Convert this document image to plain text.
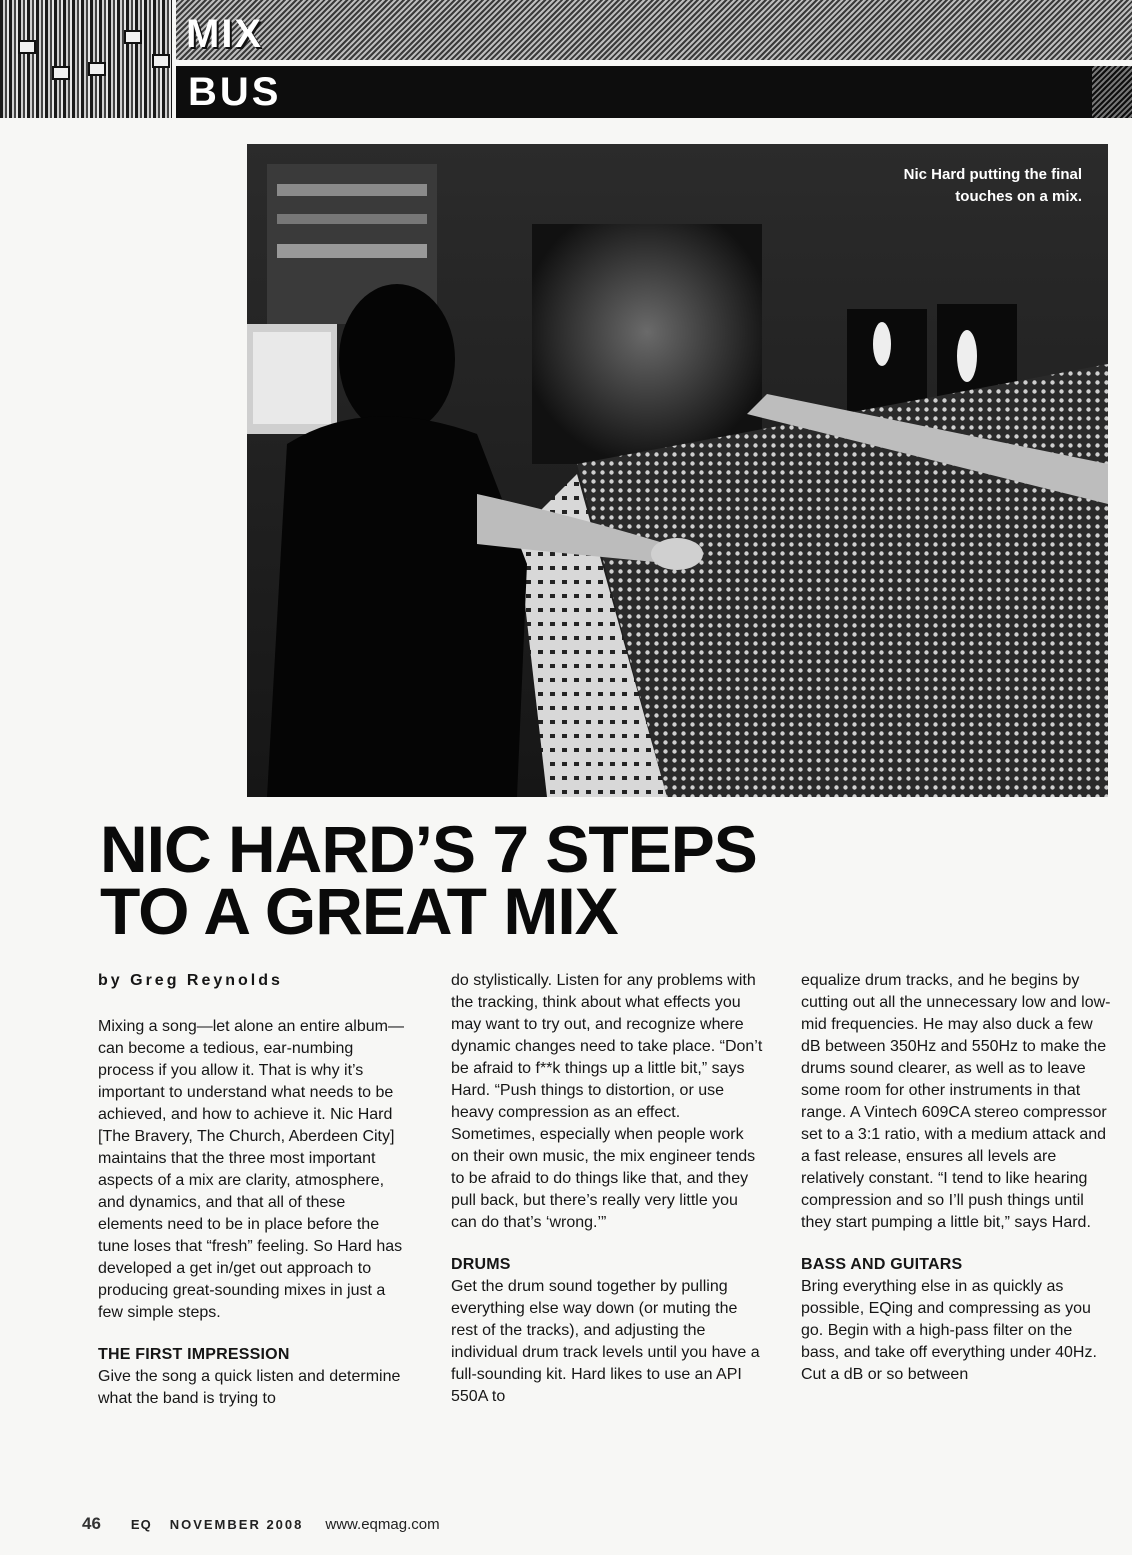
MIX
BUS
Nic Hard putting the final
touches on a mix.
NIC HARD’S 7 STEPS
TO A GREAT MIX
by Greg Reynolds

Mixing a song—let alone an entire album—can become a tedious, ear-numbing process if you allow it. That is why it’s important to understand what needs to be achieved, and how to achieve it. Nic Hard [The Bravery, The Church, Aberdeen City] maintains that the three most important aspects of a mix are clarity, atmosphere, and dynamics, and that all of these elements need to be in place before the tune loses that “fresh” feeling. So Hard has developed a get in/get out approach to producing great-sounding mixes in just a few simple steps.

THE FIRST IMPRESSION

Give the song a quick listen and determine what the band is trying to

do stylistically. Listen for any problems with the tracking, think about what effects you may want to try out, and recognize where dynamic changes need to take place. “Don’t be afraid to f**k things up a little bit,” says Hard. “Push things to distortion, or use heavy compression as an effect. Sometimes, especially when people work on their own music, the mix engineer tends to be afraid to do things like that, and they pull back, but there’s really very little you can do that’s ‘wrong.’”

DRUMS

Get the drum sound together by pulling everything else way down (or muting the rest of the tracks), and adjusting the individual drum track levels until you have a full-sounding kit. Hard likes to use an API 550A to

equalize drum tracks, and he begins by cutting out all the unnecessary low and low-mid frequencies. He may also duck a few dB between 350Hz and 550Hz to make the drums sound clearer, as well as to leave some room for other instruments in that range. A Vintech 609CA stereo compressor set to a 3:1 ratio, with a medium attack and a fast release, ensures all levels are relatively constant. “I tend to like hearing compression and so I’ll push things until they start pumping a little bit,” says Hard.

BASS AND GUITARS

Bring everything else in as quickly as possible, EQing and compressing as you go. Begin with a high-pass filter on the bass, and take off everything under 40Hz. Cut a dB or so between

46 EQ NOVEMBER 2008 www.eqmag.com
